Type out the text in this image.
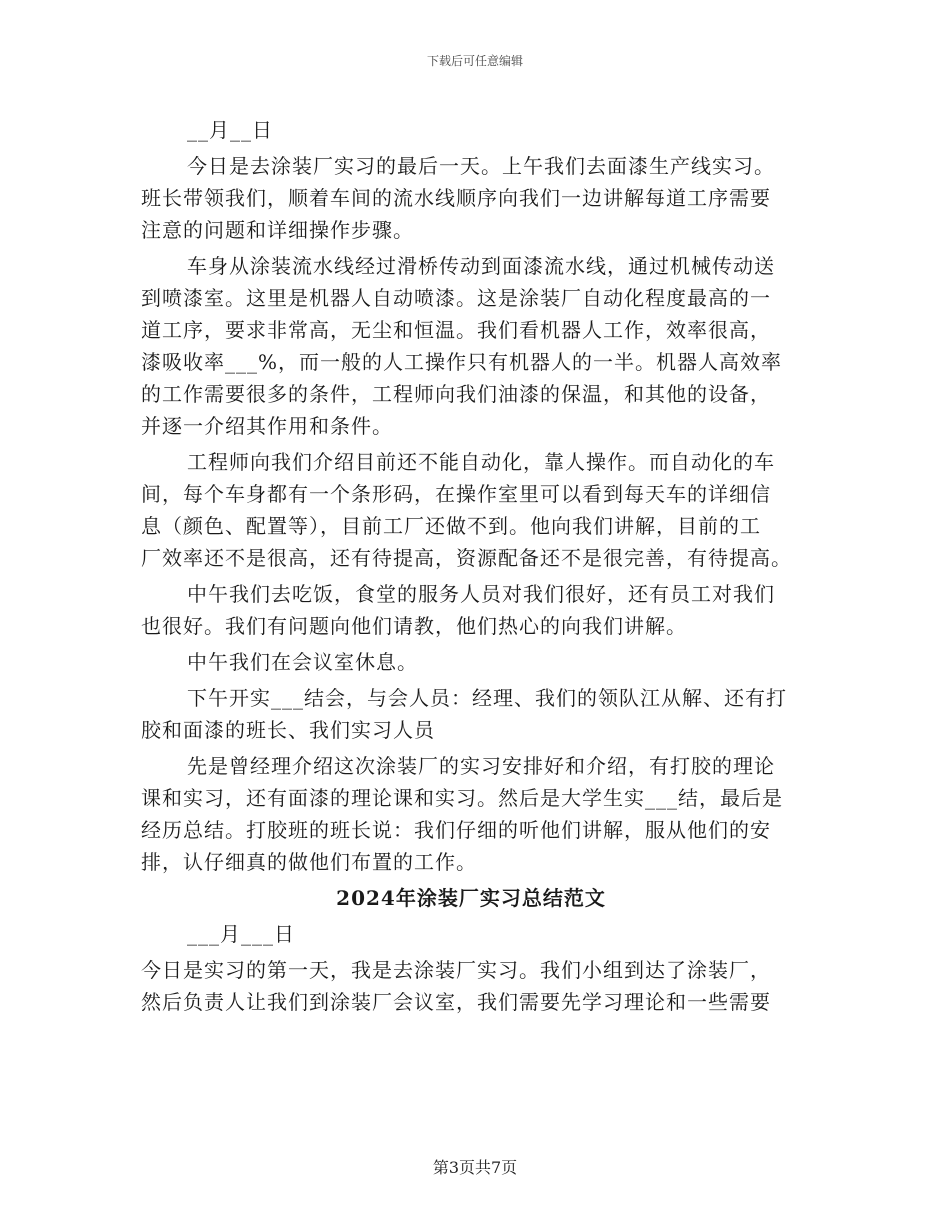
下载后可任意编辑
__月__日
今日是去涂装厂实习的最后一天。上午我们去面漆生产线实习。
班长带领我们，顺着车间的流水线顺序向我们一边讲解每道工序需要
注意的问题和详细操作步骤。
车身从涂装流水线经过滑桥传动到面漆流水线，通过机械传动送
到喷漆室。这里是机器人自动喷漆。这是涂装厂自动化程度最高的一
道工序，要求非常高，无尘和恒温。我们看机器人工作，效率很高，
漆吸收率___%，而一般的人工操作只有机器人的一半。机器人高效率
的工作需要很多的条件，工程师向我们油漆的保温，和其他的设备，
并逐一介绍其作用和条件。
工程师向我们介绍目前还不能自动化，靠人操作。而自动化的车
间，每个车身都有一个条形码，在操作室里可以看到每天车的详细信
息（颜色、配置等），目前工厂还做不到。他向我们讲解，目前的工
厂效率还不是很高，还有待提高，资源配备还不是很完善，有待提高。
中午我们去吃饭，食堂的服务人员对我们很好，还有员工对我们
也很好。我们有问题向他们请教，他们热心的向我们讲解。
中午我们在会议室休息。
下午开实___结会，与会人员：经理、我们的领队江从解、还有打
胶和面漆的班长、我们实习人员
先是曾经理介绍这次涂装厂的实习安排好和介绍，有打胶的理论
课和实习，还有面漆的理论课和实习。然后是大学生实___结，最后是
经历总结。打胶班的班长说：我们仔细的听他们讲解，服从他们的安
排，认仔细真的做他们布置的工作。
2024年涂装厂实习总结范文
___月___日
今日是实习的第一天，我是去涂装厂实习。我们小组到达了涂装厂，
然后负责人让我们到涂装厂会议室，我们需要先学习理论和一些需要
第3页共7页
